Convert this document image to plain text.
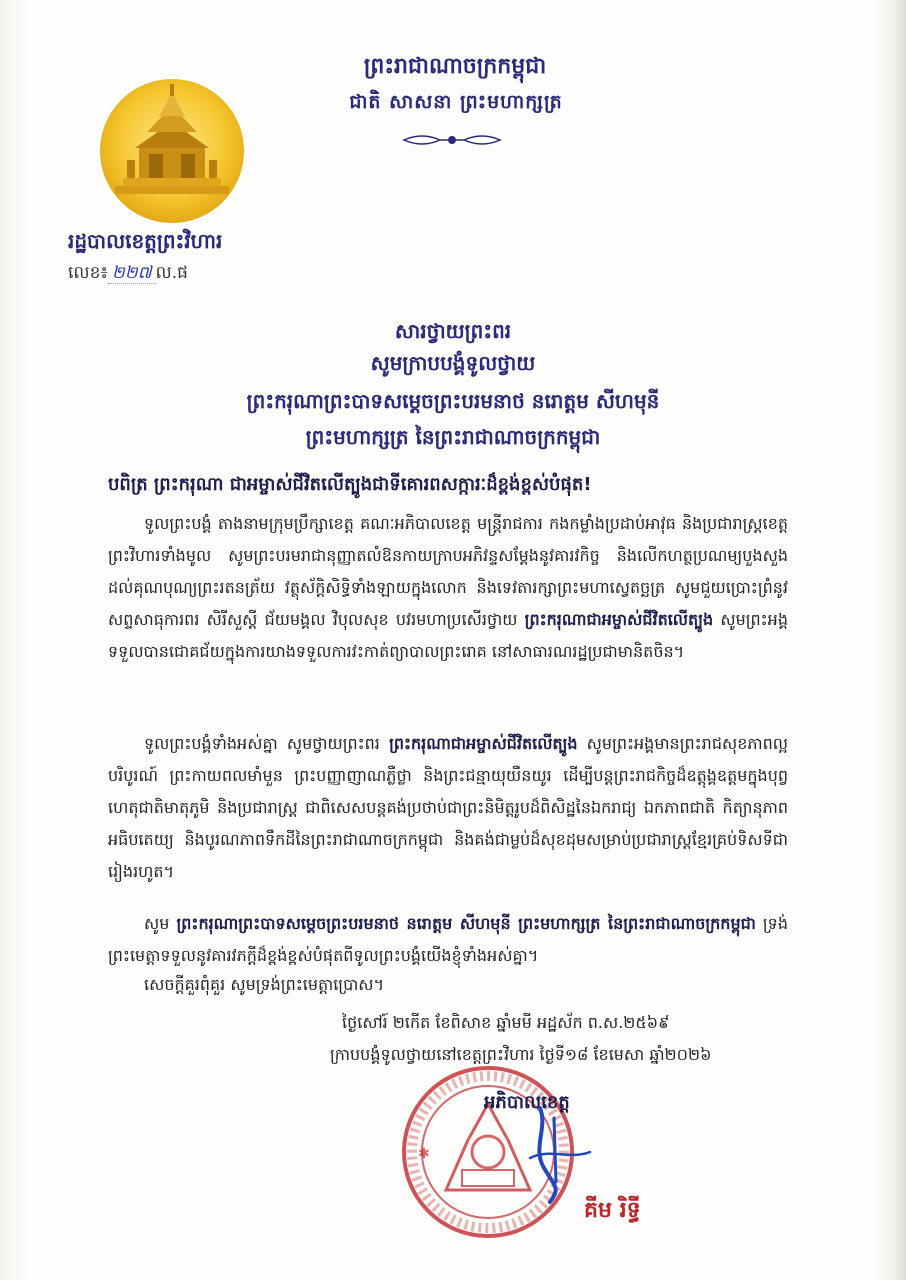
ព្រះរាជាណាចក្រកម្ពុជា
ជាតិ សាសនា ព្រះមហាក្សត្រ
រដ្ឋបាលខេត្តព្រះវិហារ
លេខ៖ ២២៧ ល.ផ
សារថ្វាយព្រះពរ
សូមក្រាបបង្គំទូលថ្វាយ
ព្រះករុណាព្រះបាទសម្តេចព្រះបរមនាថ នរោត្តម សីហមុនី
ព្រះមហាក្សត្រ នៃព្រះរាជាណាចក្រកម្ពុជា
បពិត្រ ព្រះករុណា ជាអម្ចាស់ជីវិតលើត្បូងជាទីគោរពសក្ការៈដ៏ខ្ពង់ខ្ពស់បំផុត!
ទូលព្រះបង្គំ តាងនាមក្រុមប្រឹក្សាខេត្ត គណៈអភិបាលខេត្ត មន្ត្រីរាជការ កងកម្លាំងប្រដាប់អាវុធ និងប្រជារាស្ត្រខេត្តព្រះវិហារទាំងមូល សូមព្រះបរមរាជានុញ្ញាតលំឱនកាយក្រាបអភិវន្ទសម្តែងនូវគារវកិច្ច និងលើកហត្ថប្រណម្យបួងសួងដល់គុណបុណ្យព្រះរតនត្រ័យ វត្ថុស័ក្តិសិទ្ធិទាំងឡាយក្នុងលោក និងទេវតារក្សាព្រះមហាស្វេតច្ឆត្រ សូមជួយប្រោះព្រំនូវសព្ទសាធុការពរ សិរីសួស្តី ជ័យមង្គល វិបុលសុខ បវរមហាប្រសើរថ្វាយ ព្រះករុណាជាអម្ចាស់ជីវិតលើត្បូង សូមព្រះអង្គទទួលបានជោគជ័យក្នុងការយាងទទួលការវះកាត់ព្យាបាលព្រះរោគ នៅសាធារណរដ្ឋប្រជាមានិតចិន។
ទូលព្រះបង្គំទាំងអស់គ្នា សូមថ្វាយព្រះពរ ព្រះករុណាជាអម្ចាស់ជីវិតលើត្បូង សូមព្រះអង្គមានព្រះរាជសុខភាពល្អបរិបូរណ៍ ព្រះកាយពលមាំមួន ព្រះបញ្ញាញាណភ្លឺថ្លា និងព្រះជន្មាយុយឺនយូរ ដើម្បីបន្តព្រះរាជកិច្ចដ៏ឧត្តុង្គឧត្តមក្នុងបុព្វហេតុជាតិមាតុភូមិ និងប្រជារាស្ត្រ ជាពិសេសបន្តគង់ប្រថាប់ជាព្រះនិមិត្តរូបដ៏ពិសិដ្ឋនៃឯករាជ្យ ឯកភាពជាតិ កិត្យានុភាព អធិបតេយ្យ និងបូរណភាពទឹកដីនៃព្រះរាជាណាចក្រកម្ពុជា និងគង់ជាម្លប់ដ៏សុខដុមសម្រាប់ប្រជារាស្ត្រខ្មែរគ្រប់ទិសទីជារៀងរហូត។
សូម ព្រះករុណាព្រះបាទសម្តេចព្រះបរមនាថ នរោត្តម សីហមុនី ព្រះមហាក្សត្រ នៃព្រះរាជាណាចក្រកម្ពុជា ទ្រង់ព្រះមេត្តាទទួលនូវគារវភក្តីដ៏ខ្ពង់ខ្ពស់បំផុតពីទូលព្រះបង្គំយើងខ្ញុំទាំងអស់គ្នា។
សេចក្តីគួរពុំគួរ សូមទ្រង់ព្រះមេត្តាប្រោស។
ថ្ងៃសៅរ៍ ២កើត ខែពិសាខ ឆ្នាំមមី អដ្ឋស័ក ព.ស.២៥៦៩
ក្រាបបង្គំទូលថ្វាយនៅខេត្តព្រះវិហារ ថ្ងៃទី១៨ ខែមេសា ឆ្នាំ២០២៦
✱
អភិបាលខេត្ត
គីម រិទ្ធី
